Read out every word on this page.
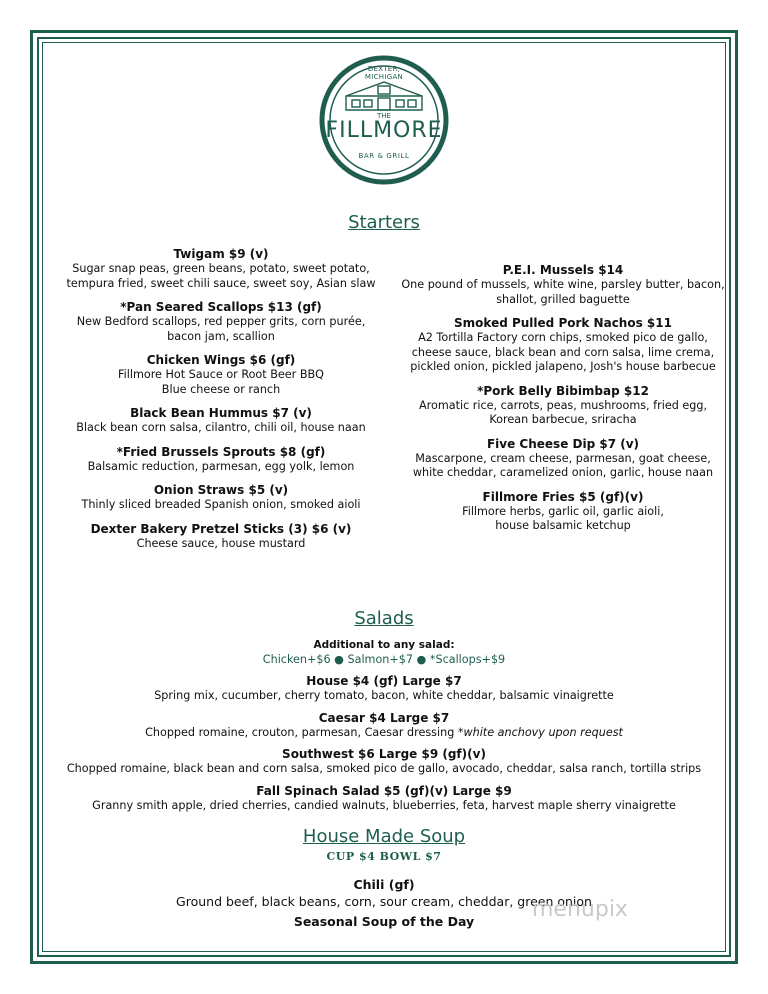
DEXTER, MICHIGAN
THE
FILLMORE
BAR & GRILL
Starters
Twigam $9 (v)
Sugar snap peas, green beans, potato, sweet potato,
tempura fried, sweet chili sauce, sweet soy, Asian slaw
*Pan Seared Scallops $13 (gf)
New Bedford scallops, red pepper grits, corn purée,
bacon jam, scallion
Chicken Wings $6 (gf)
Fillmore Hot Sauce or Root Beer BBQ
Blue cheese or ranch
Black Bean Hummus $7 (v)
Black bean corn salsa, cilantro, chili oil, house naan
*Fried Brussels Sprouts $8 (gf)
Balsamic reduction, parmesan, egg yolk, lemon
Onion Straws $5 (v)
Thinly sliced breaded Spanish onion, smoked aioli
Dexter Bakery Pretzel Sticks (3) $6 (v)
Cheese sauce, house mustard
P.E.I. Mussels $14
One pound of mussels, white wine, parsley butter, bacon,
shallot, grilled baguette
Smoked Pulled Pork Nachos $11
A2 Tortilla Factory corn chips, smoked pico de gallo,
cheese sauce, black bean and corn salsa, lime crema,
pickled onion, pickled jalapeno, Josh's house barbecue
*Pork Belly Bibimbap $12
Aromatic rice, carrots, peas, mushrooms, fried egg,
Korean barbecue, sriracha
Five Cheese Dip $7 (v)
Mascarpone, cream cheese, parmesan, goat cheese,
white cheddar, caramelized onion, garlic, house naan
Fillmore Fries $5 (gf)(v)
Fillmore herbs, garlic oil, garlic aioli,
house balsamic ketchup
Salads
Additional to any salad:
Chicken+$6 ● Salmon+$7 ● *Scallops+$9
House $4 (gf) Large $7
Spring mix, cucumber, cherry tomato, bacon, white cheddar, balsamic vinaigrette
Caesar $4 Large $7
Chopped romaine, crouton, parmesan, Caesar dressing *white anchovy upon request
Southwest $6 Large $9 (gf)(v)
Chopped romaine, black bean and corn salsa, smoked pico de gallo, avocado, cheddar, salsa ranch, tortilla strips
Fall Spinach Salad $5 (gf)(v) Large $9
Granny smith apple, dried cherries, candied walnuts, blueberries, feta, harvest maple sherry vinaigrette
House Made Soup
CUP $4 BOWL $7
Chili (gf)
Ground beef, black beans, corn, sour cream, cheddar, green onion
Seasonal Soup of the Day	menupix
